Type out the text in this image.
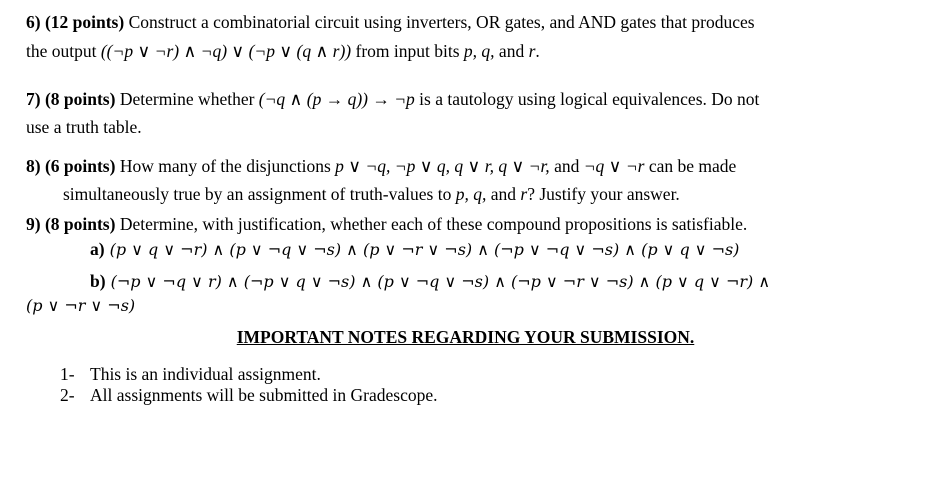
6) (12 points) Construct a combinatorial circuit using inverters, OR gates, and AND gates that produces
the output ((¬p ∨ ¬r) ∧ ¬q) ∨ (¬p ∨ (q ∧ r)) from input bits p, q, and r.
7) (8 points) Determine whether (¬q ∧ (p → q)) → ¬p is a tautology using logical equivalences. Do not
use a truth table.
8) (6 points) How many of the disjunctions p ∨ ¬q, ¬p ∨ q, q ∨ r, q ∨ ¬r, and ¬q ∨ ¬r can be made
simultaneously true by an assignment of truth-values to p, q, and r? Justify your answer.
9) (8 points) Determine, with justification, whether each of these compound propositions is satisfiable.
a) (p ∨ q ∨ ¬r) ∧ (p ∨ ¬q ∨ ¬s) ∧ (p ∨ ¬r ∨ ¬s) ∧ (¬p ∨ ¬q ∨ ¬s) ∧ (p ∨ q ∨ ¬s)
b) (¬p ∨ ¬q ∨ r) ∧ (¬p ∨ q ∨ ¬s) ∧ (p ∨ ¬q ∨ ¬s) ∧ (¬p ∨ ¬r ∨ ¬s) ∧ (p ∨ q ∨ ¬r) ∧
(p ∨ ¬r ∨ ¬s)
IMPORTANT NOTES REGARDING YOUR SUBMISSION.
1- This is an individual assignment.
2- All assignments will be submitted in Gradescope.
